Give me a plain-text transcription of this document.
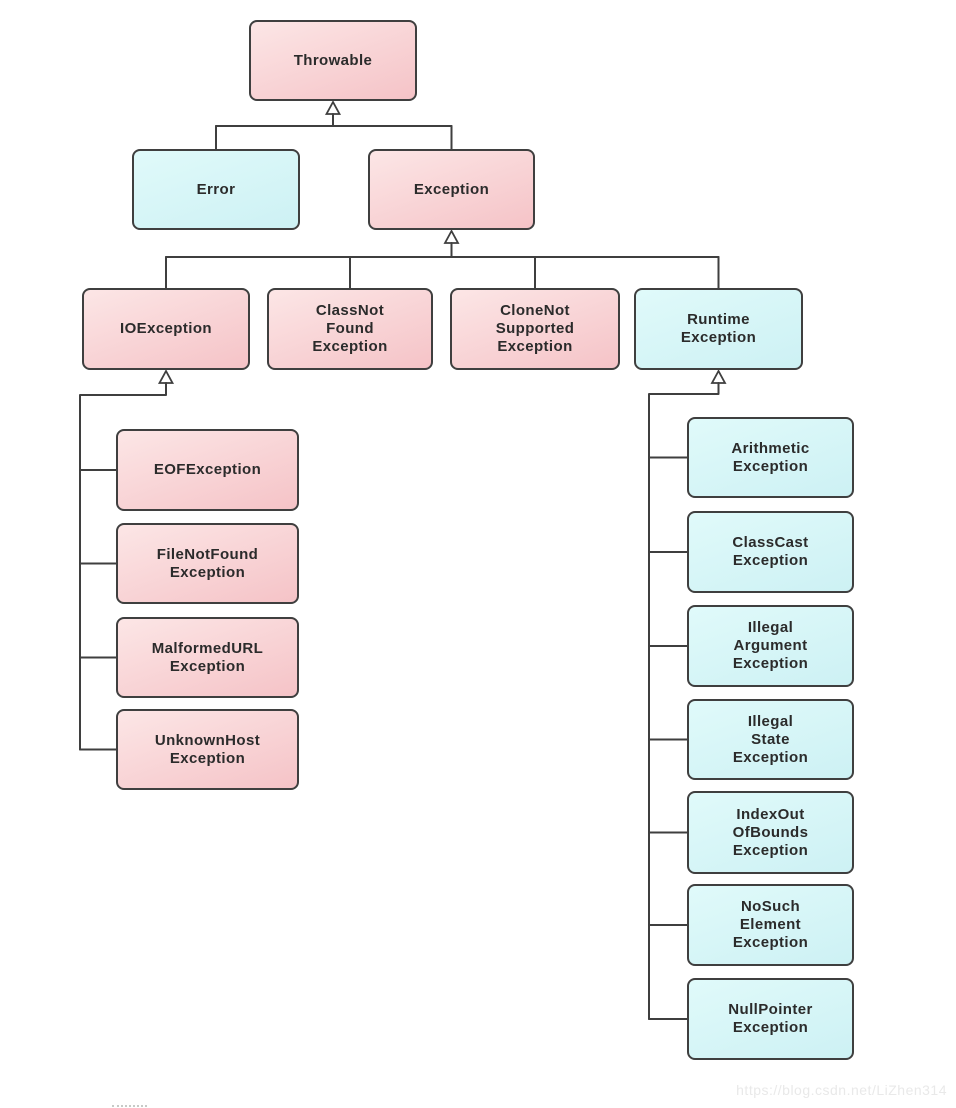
Throwable
Error	Exception
IOException
ClassNot
Found
Exception
CloneNot
Supported
Exception
Runtime
Exception
EOFException
FileNotFound
Exception
MalformedURL
Exception
UnknownHost
Exception
Arithmetic
Exception
ClassCast
Exception
Illegal
Argument
Exception
Illegal
State
Exception
IndexOut
OfBounds
Exception
NoSuch
Element
Exception
NullPointer
Exception
https://blog.csdn.net/LiZhen314
